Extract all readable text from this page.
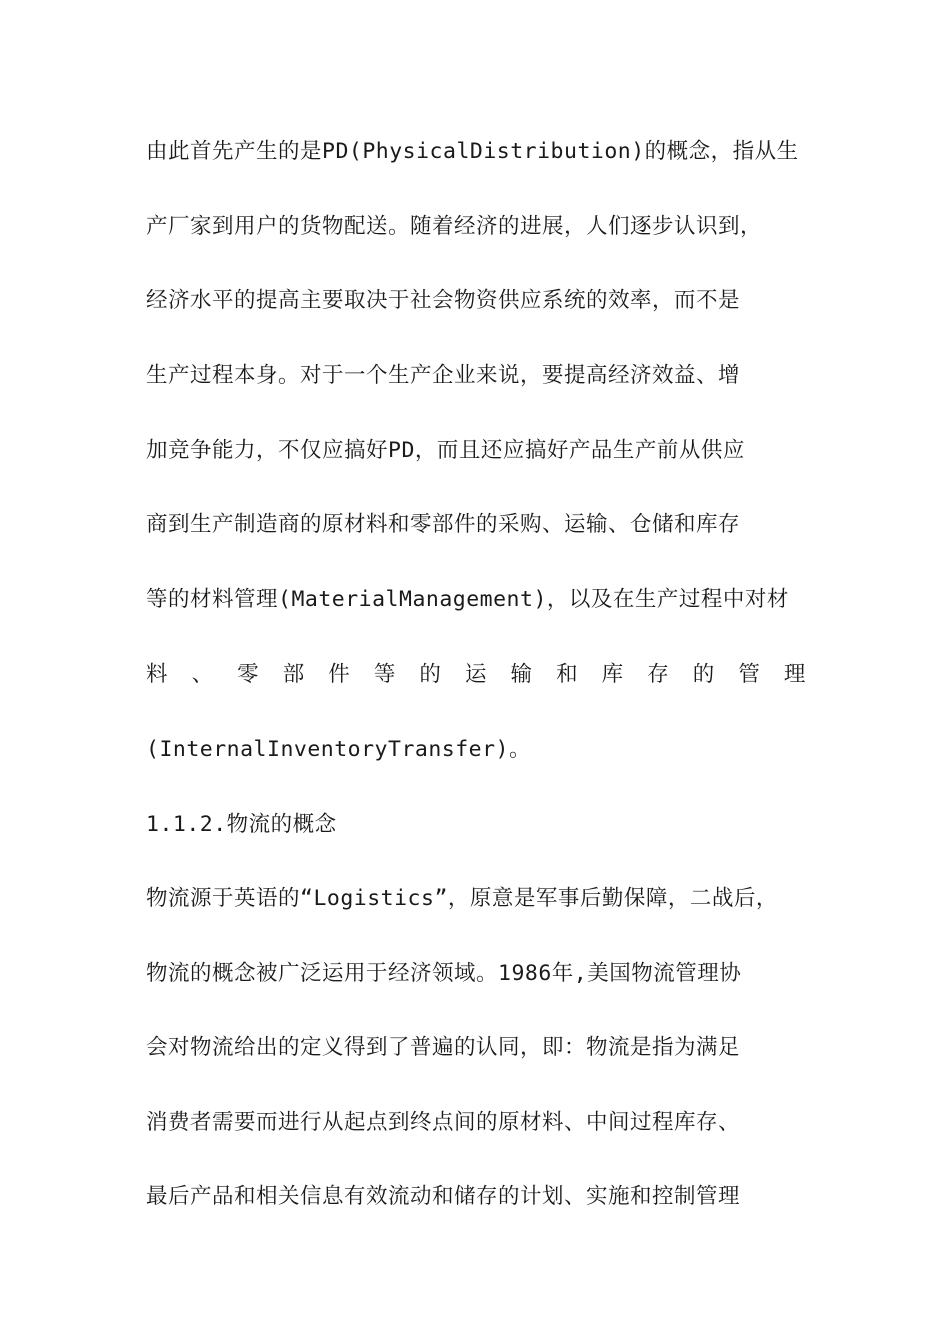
由此首先产生的是PD(PhysicalDistribution)的概念，指从生
产厂家到用户的货物配送。随着经济的进展，人们逐步认识到，
经济水平的提高主要取决于社会物资供应系统的效率，而不是
生产过程本身。对于一个生产企业来说，要提高经济效益、增
加竞争能力，不仅应搞好PD，而且还应搞好产品生产前从供应
商到生产制造商的原材料和零部件的采购、运输、仓储和库存
等的材料管理(MaterialManagement)，以及在生产过程中对材
料 、 零 部 件 等 的 运 输 和 库 存 的 管 理
(InternalInventoryTransfer)。
1.1.2.物流的概念
物流源于英语的“Logistics”，原意是军事后勤保障，二战后，
物流的概念被广泛运用于经济领域。1986年,美国物流管理协
会对物流给出的定义得到了普遍的认同，即：物流是指为满足
消费者需要而进行从起点到终点间的原材料、中间过程库存、
最后产品和相关信息有效流动和储存的计划、实施和控制管理
